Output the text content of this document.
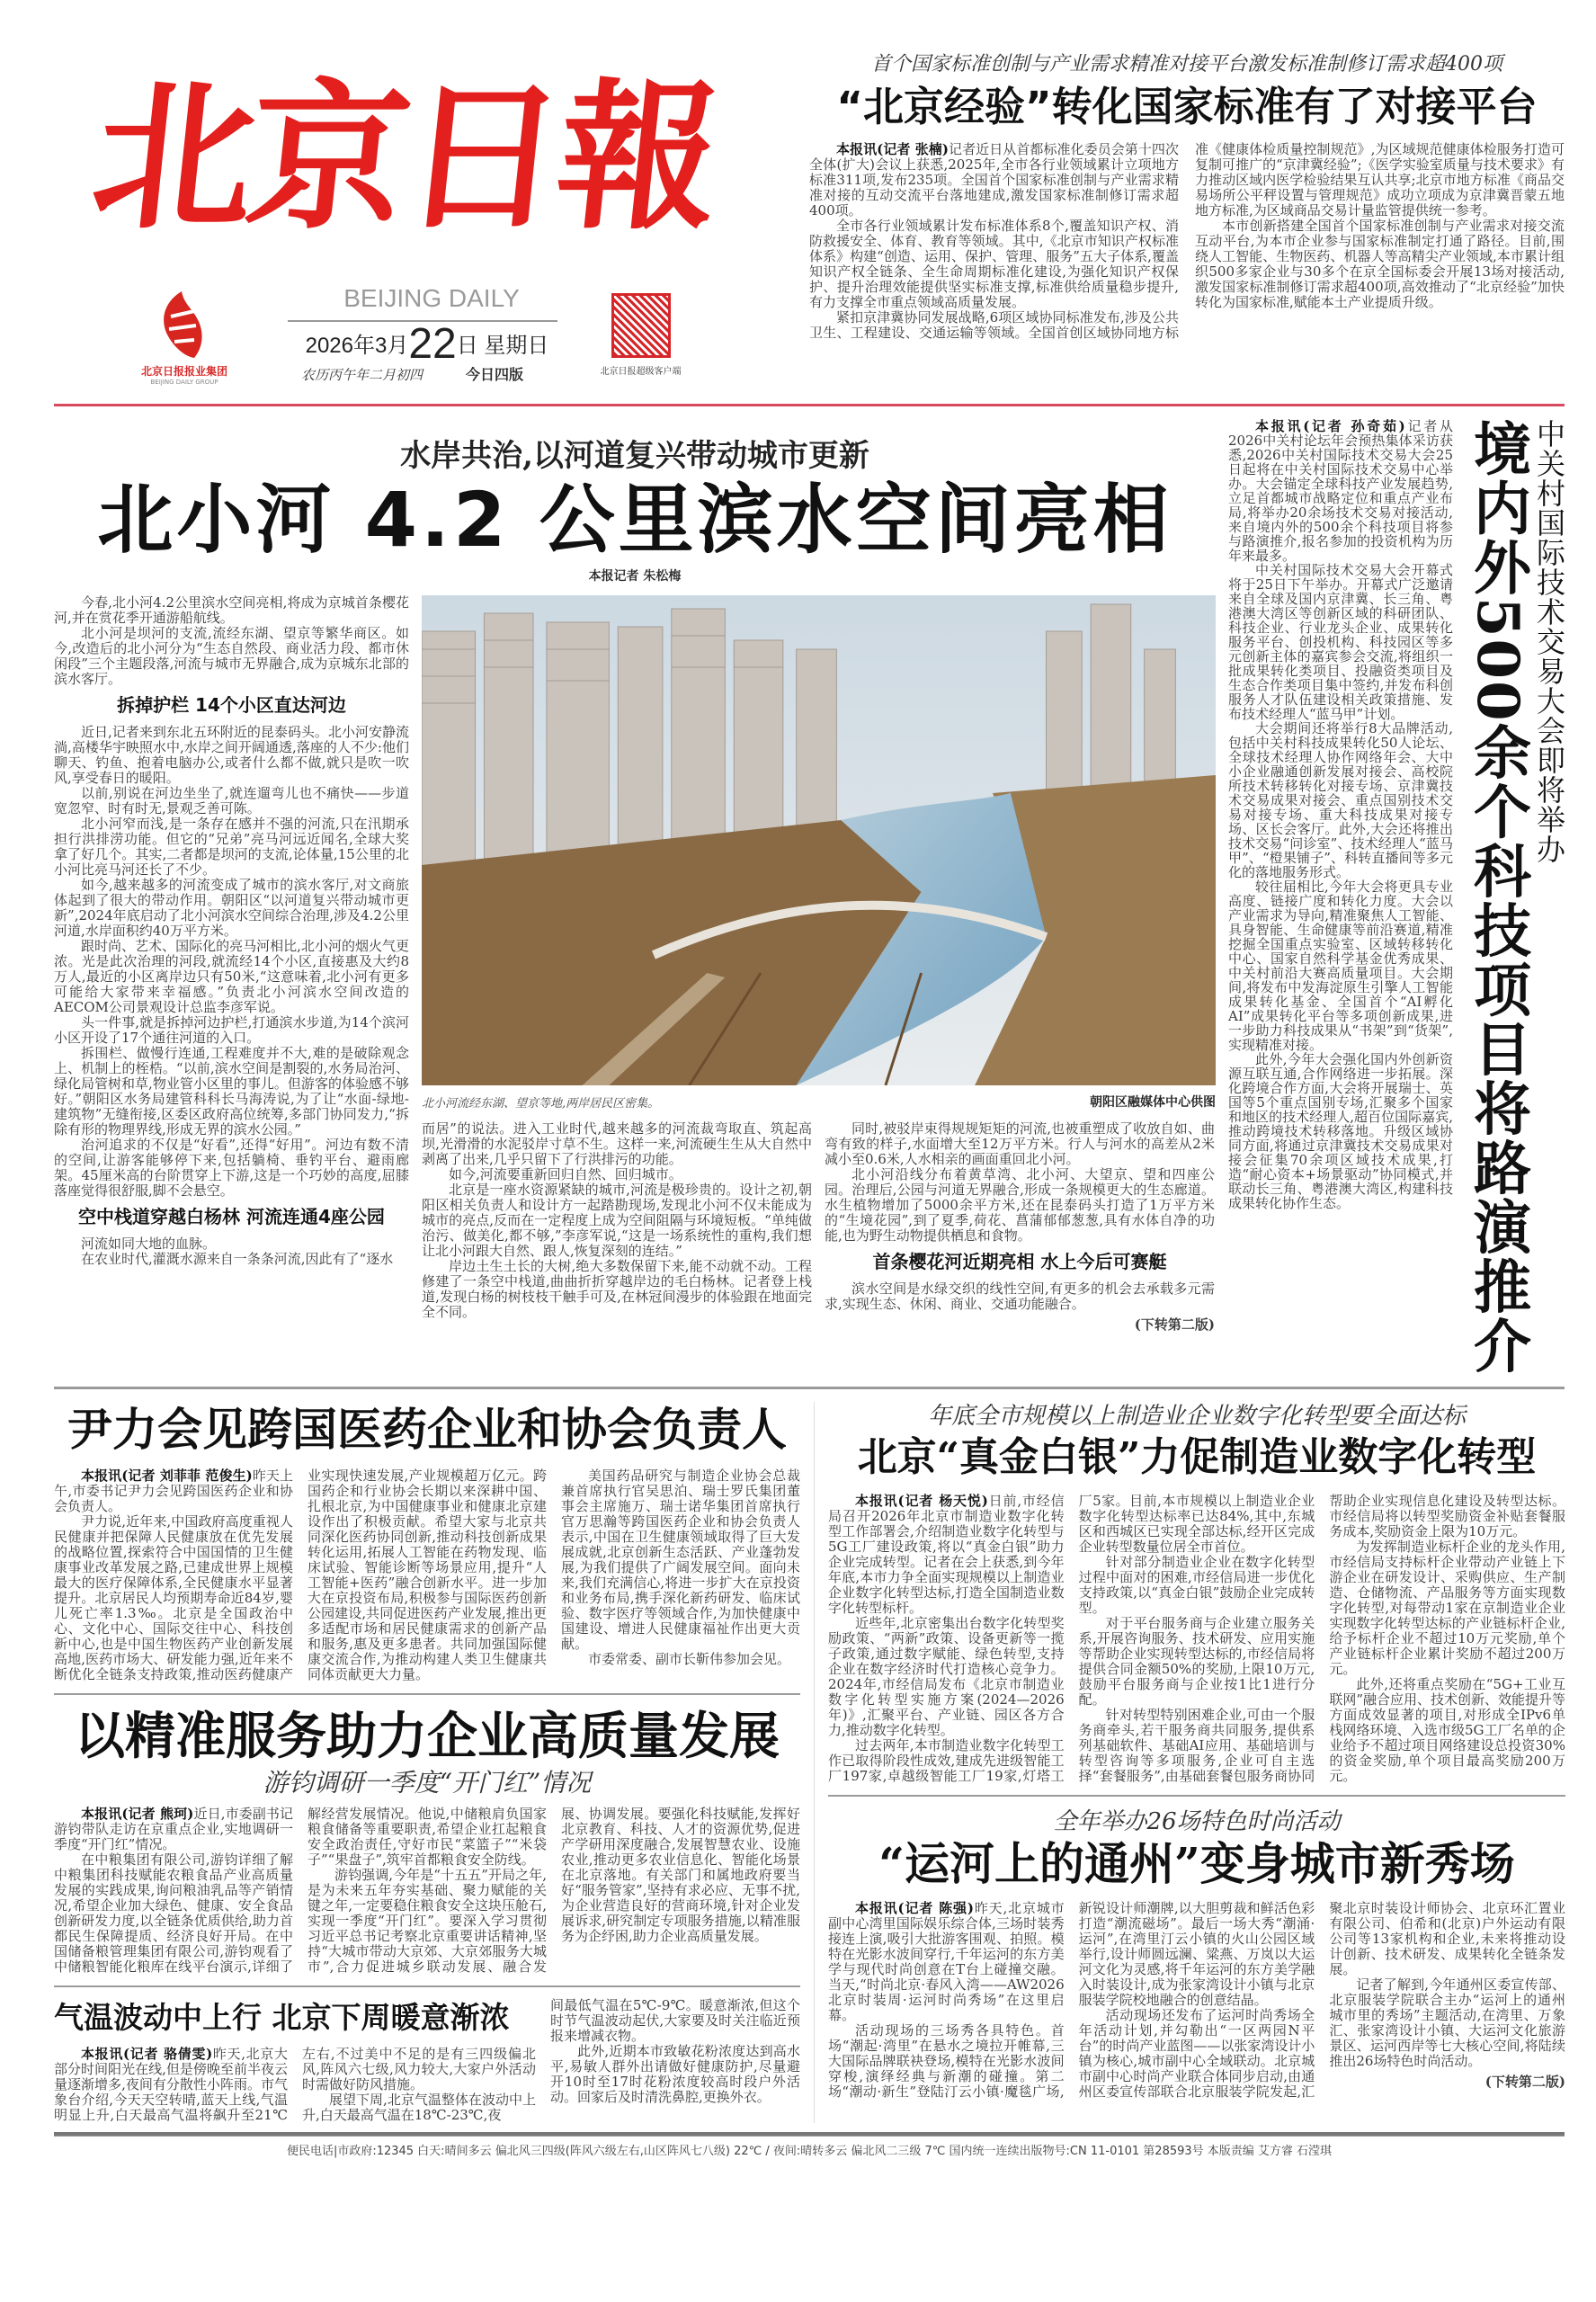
北京日報
北京日报报业集团
BEIJING DAILY GROUP
BEIJING DAILY
2026年3月22日 星期日
农历丙午年二月初四	今日四版	北京日报超级客户端
首个国家标准创制与产业需求精准对接平台激发标准制修订需求超400项
“北京经验”转化国家标准有了对接平台

本报讯(记者 张楠)记者近日从首都标准化委员会第十四次全体(扩大)会议上获悉,2025年,全市各行业领域累计立项地方标准311项,发布235项。全国首个国家标准创制与产业需求精准对接的互动交流平台落地建成,激发国家标准制修订需求超400项。

全市各行业领域累计发布标准体系8个,覆盖知识产权、消防救援安全、体育、教育等领域。其中,《北京市知识产权标准体系》构建“创造、运用、保护、管理、服务”五大子体系,覆盖知识产权全链条、全生命周期标准化建设,为强化知识产权保护、提升治理效能提供坚实标准支撑,标准供给质量稳步提升,有力支撑全市重点领域高质量发展。

紧扣京津冀协同发展战略,6项区域协同标准发布,涉及公共卫生、工程建设、交通运输等领域。全国首创区域协同地方标准《健康体检质量控制规范》,为区域规范健康体检服务打造可复制可推广的“京津冀经验”;《医学实验室质量与技术要求》有力推动区域内医学检验结果互认共享;北京市地方标准《商品交易场所公平秤设置与管理规范》成功立项成为京津冀晋蒙五地地方标准,为区域商品交易计量监管提供统一参考。

本市创新搭建全国首个国家标准创制与产业需求对接交流互动平台,为本市企业参与国家标准制定打通了路径。目前,围绕人工智能、生物医药、机器人等高精尖产业领域,本市累计组织500多家企业与30多个在京全国标委会开展13场对接活动,激发国家标准制修订需求超400项,高效推动了“北京经验”加快转化为国家标准,赋能本土产业提质升级。

水岸共治,以河道复兴带动城市更新
北小河 4.2 公里滨水空间亮相
本报记者 朱松梅

今春,北小河4.2公里滨水空间亮相,将成为京城首条樱花河,并在赏花季开通游船航线。

北小河是坝河的支流,流经东湖、望京等繁华商区。如今,改造后的北小河分为“生态自然段、商业活力段、都市休闲段”三个主题段落,河流与城市无界融合,成为京城东北部的滨水客厅。

拆掉护栏 14个小区直达河边

近日,记者来到东北五环附近的昆泰码头。北小河安静流淌,高楼华宇映照水中,水岸之间开阔通透,落座的人不少:他们聊天、钓鱼、抱着电脑办公,或者什么都不做,就只是吹一吹风,享受春日的暖阳。

以前,别说在河边坐坐了,就连遛弯儿也不痛快——步道宽忽窄、时有时无,景观乏善可陈。

北小河窄而浅,是一条存在感并不强的河流,只在汛期承担行洪排涝功能。但它的“兄弟”亮马河远近闻名,全球大奖拿了好几个。其实,二者都是坝河的支流,论体量,15公里的北小河比亮马河还长了不少。

如今,越来越多的河流变成了城市的滨水客厅,对文商旅体起到了很大的带动作用。朝阳区“以河道复兴带动城市更新”,2024年底启动了北小河滨水空间综合治理,涉及4.2公里河道,水岸面积约40万平方米。

跟时尚、艺术、国际化的亮马河相比,北小河的烟火气更浓。光是此次治理的河段,就流经14个小区,直接惠及大约8万人,最近的小区离岸边只有50米,“这意味着,北小河有更多可能给大家带来幸福感。”负责北小河滨水空间改造的AECOM公司景观设计总监李彦军说。

头一件事,就是拆掉河边护栏,打通滨水步道,为14个滨河小区开设了17个通往河道的入口。

拆围栏、做慢行连通,工程难度并不大,难的是破除观念上、机制上的桎梏。“以前,滨水空间是割裂的,水务局治河、绿化局管树和草,物业管小区里的事儿。但游客的体验感不够好。”朝阳区水务局建管科科长马海涛说,为了让“水面-绿地-建筑物”无缝衔接,区委区政府高位统筹,多部门协同发力,“拆除有形的物理界线,形成无界的滨水公园。”

治河追求的不仅是“好看”,还得“好用”。河边有数不清的空间,让游客能够停下来,包括躺椅、垂钓平台、避雨廊架。45厘米高的台阶贯穿上下游,这是一个巧妙的高度,屈膝落座觉得很舒服,脚不会悬空。

空中栈道穿越白杨林 河流连通4座公园

河流如同大地的血脉。

在农业时代,灌溉水源来自一条条河流,因此有了“逐水

北小河流经东湖、望京等地,两岸居民区密集。	朝阳区融媒体中心供图

而居”的说法。进入工业时代,越来越多的河流裁弯取直、筑起高坝,光滑滑的水泥驳岸寸草不生。这样一来,河流硬生生从大自然中剥离了出来,几乎只留下了行洪排污的功能。

如今,河流要重新回归自然、回归城市。

北京是一座水资源紧缺的城市,河流是极珍贵的。设计之初,朝阳区相关负责人和设计方一起踏勘现场,发现北小河不仅未能成为城市的亮点,反而在一定程度上成为空间阻隔与环境短板。“单纯做治污、做美化,都不够,”李彦军说,“这是一场系统性的重构,我们想让北小河跟大自然、跟人,恢复深刻的连结。”

岸边土生土长的大树,绝大多数保留下来,能不动就不动。工程修建了一条空中栈道,曲曲折折穿越岸边的毛白杨林。记者登上栈道,发现白杨的树枝枝干触手可及,在林冠间漫步的体验跟在地面完全不同。

同时,被驳岸束得规规矩矩的河流,也被重塑成了收放自如、曲弯有致的样子,水面增大至12万平方米。行人与河水的高差从2米减小至0.6米,人水相亲的画面重回北小河。

北小河沿线分布着黄草湾、北小河、大望京、望和四座公园。治理后,公园与河道无界融合,形成一条规模更大的生态廊道。水生植物增加了5000余平方米,还在昆泰码头打造了1万平方米的“生境花园”,到了夏季,荷花、菖蒲郁郁葱葱,具有水体自净的功能,也为野生动物提供栖息和食物。

首条樱花河近期亮相 水上今后可赛艇

滨水空间是水绿交织的线性空间,有更多的机会去承载多元需求,实现生态、休闲、商业、交通功能融合。

(下转第二版)

本报讯(记者 孙奇茹)记者从2026中关村论坛年会预热集体采访获悉,2026中关村国际技术交易大会25日起将在中关村国际技术交易中心举办。大会锚定全球科技产业发展趋势,立足首都城市战略定位和重点产业布局,将举办20余场技术交易对接活动,来自境内外的500余个科技项目将参与路演推介,报名参加的投资机构为历年来最多。

中关村国际技术交易大会开幕式将于25日下午举办。开幕式广泛邀请来自全球及国内京津冀、长三角、粤港澳大湾区等创新区域的科研团队、科技企业、行业龙头企业、成果转化服务平台、创投机构、科技园区等多元创新主体的嘉宾参会交流,将组织一批成果转化类项目、投融资类项目及生态合作类项目集中签约,并发布科创服务人才队伍建设相关政策措施、发布技术经理人“蓝马甲”计划。

大会期间还将举行8大品牌活动,包括中关村科技成果转化50人论坛、全球技术经理人协作网络年会、大中小企业融通创新发展对接会、高校院所技术转移转化对接专场、京津冀技术交易成果对接会、重点国别技术交易对接专场、重大科技成果对接专场、区长会客厅。此外,大会还将推出技术交易“问诊室”、技术经理人“蓝马甲”、“橙果铺子”、科转直播间等多元化的落地服务形式。

较往届相比,今年大会将更具专业高度、链接广度和转化力度。大会以产业需求为导向,精准聚焦人工智能、具身智能、生命健康等前沿赛道,精准挖掘全国重点实验室、区域转移转化中心、国家自然科学基金优秀成果、中关村前沿大赛高质量项目。大会期间,将发布中发海淀原生引擎人工智能成果转化基金、全国首个“AI孵化AI”成果转化平台等多项创新成果,进一步助力科技成果从“书架”到“货架”,实现精准对接。

此外,今年大会强化国内外创新资源互联互通,合作网络进一步拓展。深化跨境合作方面,大会将开展瑞士、英国等5个重点国别专场,汇聚多个国家和地区的技术经理人,超百位国际嘉宾,推动跨境技术转移落地。升级区域协同方面,将通过京津冀技术交易成果对接会征集70余项区域技术成果,打造“耐心资本+场景驱动”协同模式,并联动长三角、粤港澳大湾区,构建科技成果转化协作生态。	境内外500余个科技项目将路演推介 中关村国际技术交易大会即将举办
尹力会见跨国医药企业和协会负责人

本报讯(记者 刘菲菲 范俊生)昨天上午,市委书记尹力会见跨国医药企业和协会负责人。

尹力说,近年来,中国政府高度重视人民健康并把保障人民健康放在优先发展的战略位置,探索符合中国国情的卫生健康事业改革发展之路,已建成世界上规模最大的医疗保障体系,全民健康水平显著提升。北京居民人均预期寿命近84岁,婴儿死亡率1.3‰。北京是全国政治中心、文化中心、国际交往中心、科技创新中心,也是中国生物医药产业创新发展高地,医药市场大、研发能力强,近年来不断优化全链条支持政策,推动医药健康产业实现快速发展,产业规模超万亿元。跨国药企和行业协会长期以来深耕中国、扎根北京,为中国健康事业和健康北京建设作出了积极贡献。希望大家与北京共同深化医药协同创新,推动科技创新成果转化运用,拓展人工智能在药物发现、临床试验、智能诊断等场景应用,提升“人工智能+医药”融合创新水平。进一步加大在京投资布局,积极参与国际医药创新公园建设,共同促进医药产业发展,推出更多适配市场和居民健康需求的创新产品和服务,惠及更多患者。共同加强国际健康交流合作,为推动构建人类卫生健康共同体贡献更大力量。

美国药品研究与制造企业协会总裁兼首席执行官吴思泊、瑞士罗氏集团董事会主席施万、瑞士诺华集团首席执行官万思瀚等跨国医药企业和协会负责人表示,中国在卫生健康领域取得了巨大发展成就,北京创新生态活跃、产业蓬勃发展,为我们提供了广阔发展空间。面向未来,我们充满信心,将进一步扩大在京投资和业务布局,携手深化新药研发、临床试验、数字医疗等领域合作,为加快健康中国建设、增进人民健康福祉作出更大贡献。

市委常委、副市长靳伟参加会见。

以精准服务助力企业高质量发展
游钧调研一季度“开门红”情况

本报讯(记者 熊珂)近日,市委副书记游钧带队走访在京重点企业,实地调研一季度“开门红”情况。

在中粮集团有限公司,游钧详细了解中粮集团科技赋能农粮食品产业高质量发展的实践成果,询问粮油乳品等产销情况,希望企业加大绿色、健康、安全食品创新研发力度,以全链条优质供给,助力首都民生保障提质、经济良好开局。在中国储备粮管理集团有限公司,游钧观看了中储粮智能化粮库在线平台演示,详细了解经营发展情况。他说,中储粮肩负国家粮食储备等重要职责,希望企业扛起粮食安全政治责任,守好市民“菜篮子”“米袋子”“果盘子”,筑牢首都粮食安全防线。

游钧强调,今年是“十五五”开局之年,是为未来五年夯实基础、聚力赋能的关键之年,一定要稳住粮食安全这块压舱石,实现一季度“开门红”。要深入学习贯彻习近平总书记考察北京重要讲话精神,坚持“大城市带动大京郊、大京郊服务大城市”,合力促进城乡联动发展、融合发展、协调发展。要强化科技赋能,发挥好北京教育、科技、人才的资源优势,促进产学研用深度融合,发展智慧农业、设施农业,推动更多农业信息化、智能化场景在北京落地。有关部门和属地政府要当好“服务管家”,坚持有求必应、无事不扰,为企业营造良好的营商环境,针对企业发展诉求,研究制定专项服务措施,以精准服务为企纾困,助力企业高质量发展。

气温波动中上行 北京下周暖意渐浓

本报讯(记者 骆倩雯)昨天,北京大部分时间阳光在线,但是傍晚至前半夜云量逐渐增多,夜间有分散性小阵雨。市气象台介绍,今天天空转晴,蓝天上线,气温明显上升,白天最高气温将飙升至21℃左右,不过美中不足的是有三四级偏北风,阵风六七级,风力较大,大家户外活动时需做好防风措施。

展望下周,北京气温整体在波动中上升,白天最高气温在18℃-23℃,夜

间最低气温在5℃-9℃。暖意渐浓,但这个时节气温波动起伏,大家要及时关注临近预报来增减衣物。

此外,近期本市致敏花粉浓度达到高水平,易敏人群外出请做好健康防护,尽量避开10时至17时花粉浓度较高时段户外活动。回家后及时清洗鼻腔,更换外衣。

年底全市规模以上制造业企业数字化转型要全面达标
北京“真金白银”力促制造业数字化转型

本报讯(记者 杨天悦)日前,市经信局召开2026年北京市制造业数字化转型工作部署会,介绍制造业数字化转型与5G工厂建设政策,将以“真金白银”助力企业完成转型。记者在会上获悉,到今年年底,本市力争全面实现规模以上制造业企业数字化转型达标,打造全国制造业数字化转型标杆。

近些年,北京密集出台数字化转型奖励政策、“两新”政策、设备更新等一揽子政策,通过数字赋能、绿色转型,支持企业在数字经济时代打造核心竞争力。2024年,市经信局发布《北京市制造业数字化转型实施方案(2024—2026年)》,汇聚平台、产业链、园区各方合力,推动数字化转型。

过去两年,本市制造业数字化转型工作已取得阶段性成效,建成先进级智能工厂197家,卓越级智能工厂19家,灯塔工厂5家。目前,本市规模以上制造业企业数字化转型达标率已达84%,其中,东城区和西城区已实现全部达标,经开区完成企业转型数量位居全市首位。

针对部分制造业企业在数字化转型过程中面对的困难,市经信局进一步优化支持政策,以“真金白银”鼓励企业完成转型。

对于平台服务商与企业建立服务关系,开展咨询服务、技术研发、应用实施等帮助企业实现转型达标的,市经信局将提供合同金额50%的奖励,上限10万元,鼓励平台服务商与企业按1比1进行分配。

针对转型特别困难企业,可由一个服务商牵头,若干服务商共同服务,提供系列基础软件、基础AI应用、基础培训与转型咨询等多项服务,企业可自主选择“套餐服务”,由基础套餐包服务商协同帮助企业实现信息化建设及转型达标。市经信局将以转型奖励资金补贴套餐服务成本,奖励资金上限为10万元。

为发挥制造业标杆企业的龙头作用,市经信局支持标杆企业带动产业链上下游企业在研发设计、采购供应、生产制造、仓储物流、产品服务等方面实现数字化转型,对每带动1家在京制造业企业实现数字化转型达标的产业链标杆企业,给予标杆企业不超过10万元奖励,单个产业链标杆企业累计奖励不超过200万元。

此外,还将重点奖励在“5G+工业互联网”融合应用、技术创新、效能提升等方面成效显著的项目,对形成全IPv6单栈网络环境、入选市级5G工厂名单的企业给予不超过项目网络建设总投资30%的资金奖励,单个项目最高奖励200万元。

全年举办26场特色时尚活动
“运河上的通州”变身城市新秀场

本报讯(记者 陈强)昨天,北京城市副中心湾里国际娱乐综合体,三场时装秀接连上演,吸引大批游客围观、拍照。模特在光影水波间穿行,千年运河的东方美学与现代时尚创意在T台上碰撞交融。当天,“时尚北京·春风入湾——AW2026北京时装周·运河时尚秀场”在这里启幕。

活动现场的三场秀各具特色。首场“潮起·湾里”在悬水之境拉开帷幕,三大国际品牌联袂登场,模特在光影水波间穿梭,演绎经典与新潮的碰撞。第二场“潮动·新生”登陆汀云小镇·魔毯广场,新锐设计师潮牌,以大胆剪裁和鲜活色彩打造“潮流磁场”。最后一场大秀“潮涌·运河”,在湾里汀云小镇的火山公园区域举行,设计师圆远澜、粱燕、万岚以大运河文化为灵感,将千年运河的东方美学融入时装设计,成为张家湾设计小镇与北京服装学院校地融合的创意结晶。

活动现场还发布了运河时尚秀场全年活动计划,并勾勒出“一区两园N平台”的时尚产业蓝图——以张家湾设计小镇为核心,城市副中心全域联动。北京城市副中心时尚产业联合体同步启动,由通州区委宣传部联合北京服装学院发起,汇聚北京时装设计师协会、北京环汇置业有限公司、伯希和(北京)户外运动有限公司等13家机构和企业,未来将推动设计创新、技术研发、成果转化全链条发展。

记者了解到,今年通州区委宣传部、北京服装学院联合主办“运河上的通州 城市里的秀场”主题活动,在湾里、万象汇、张家湾设计小镇、大运河文化旅游景区、运河西岸等七大核心空间,将陆续推出26场特色时尚活动。

(下转第二版)

便民电话|市政府:12345 白天:晴间多云 偏北风三四级(阵风六级左右,山区阵风七八级) 22℃ / 夜间:晴转多云 偏北风二三级 7℃ 国内统一连续出版物号:CN 11-0101 第28593号 本版责编 艾方睿 石滢琪
